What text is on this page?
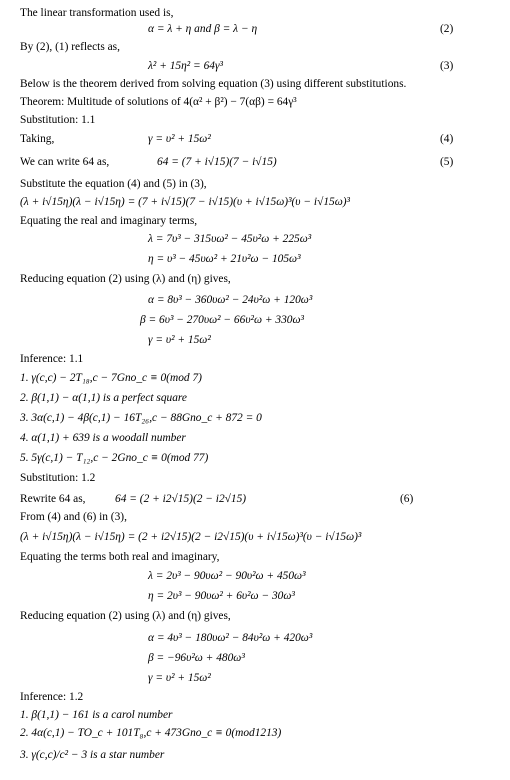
The linear transformation used is,
α = λ + η and β = λ − η	(2)
By (2), (1) reflects as,
λ² + 15η² = 64γ³	(3)
Below is the theorem derived from solving equation (3) using different substitutions.
Theorem: Multitude of solutions of 4(α² + β²) − 7(αβ) = 64γ³
Substitution: 1.1
Taking,	γ = υ² + 15ω²	(4)
We can write 64 as,	64 = (7 + i√15)(7 − i√15)	(5)
Substitute the equation (4) and (5) in (3),
(λ + i√15η)(λ − i√15η) = (7 + i√15)(7 − i√15)(υ + i√15ω)³(υ − i√15ω)³
Equating the real and imaginary terms,
λ = 7υ³ − 315υω² − 45υ²ω + 225ω³
η = υ³ − 45υω² + 21υ²ω − 105ω³
Reducing equation (2) using (λ) and (η) gives,
α = 8υ³ − 360υω² − 24υ²ω + 120ω³
β = 6υ³ − 270υω² − 66υ²ω + 330ω³
γ = υ² + 15ω²
Inference: 1.1
1. γ(c,c) − 2T₁₈,c − 7Gno_c ≡ 0(mod 7)
2. β(1,1) − α(1,1) is a perfect square
3. 3α(c,1) − 4β(c,1) − 16T₂₆,c − 88Gno_c + 872 = 0
4. α(1,1) + 639 is a woodall number
5. 5γ(c,1) − T₁₂,c − 2Gno_c ≡ 0(mod 77)
Substitution: 1.2
Rewrite 64 as,	64 = (2 + i2√15)(2 − i2√15)	(6)
From (4) and (6) in (3),
(λ + i√15η)(λ − i√15η) = (2 + i2√15)(2 − i2√15)(υ + i√15ω)³(υ − i√15ω)³
Equating the terms both real and imaginary,
λ = 2υ³ − 90υω² − 90υ²ω + 450ω³
η = 2υ³ − 90υω² + 6υ²ω − 30ω³
Reducing equation (2) using (λ) and (η) gives,
α = 4υ³ − 180υω² − 84υ²ω + 420ω³
β = −96υ²ω + 480ω³
γ = υ² + 15ω²
Inference: 1.2
1. β(1,1) − 161 is a carol number
2. 4α(c,1) − TO_c + 101T₈,c + 473Gno_c ≡ 0(mod1213)
3. γ(c,c)/c² − 3 is a star number
